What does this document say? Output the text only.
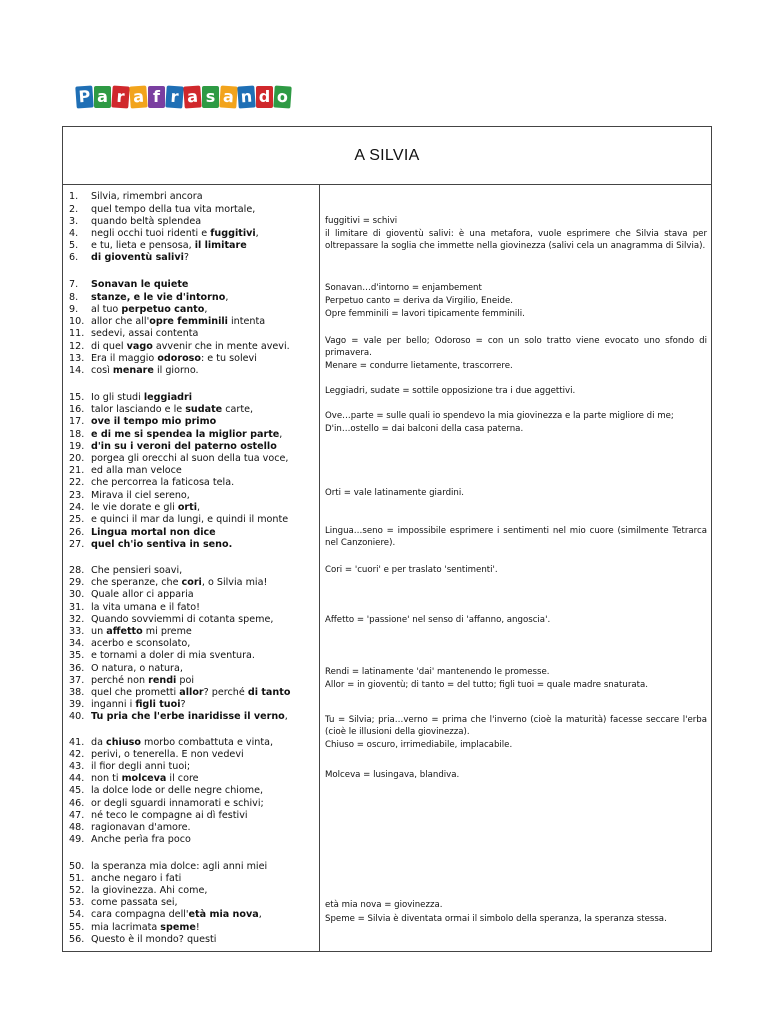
P a r a f r a s a n d o
A SILVIA
1. Silvia, rimembri ancora
2. quel tempo della tua vita mortale,
3. quando beltà splendea
4. negli occhi tuoi ridenti e fuggitivi,
5. e tu, lieta e pensosa, il limitare
6. di gioventù salivi?
7. Sonavan le quiete
8. stanze, e le vie d'intorno,
9. al tuo perpetuo canto,
10. allor che all'opre femminili intenta
11. sedevi, assai contenta
12. di quel vago avvenir che in mente avevi.
13. Era il maggio odoroso: e tu solevi
14. così menare il giorno.
15. Io gli studi leggiadri
16. talor lasciando e le sudate carte,
17. ove il tempo mio primo
18. e di me si spendea la miglior parte,
19. d'in su i veroni del paterno ostello
20. porgea gli orecchi al suon della tua voce,
21. ed alla man veloce
22. che percorrea la faticosa tela.
23. Mirava il ciel sereno,
24. le vie dorate e gli orti,
25. e quinci il mar da lungi, e quindi il monte
26. Lingua mortal non dice
27. quel ch'io sentiva in seno.
28. Che pensieri soavi,
29. che speranze, che cori, o Silvia mia!
30. Quale allor ci apparia
31. la vita umana e il fato!
32. Quando sovviemmi di cotanta speme,
33. un affetto mi preme
34. acerbo e sconsolato,
35. e tornami a doler di mia sventura.
36. O natura, o natura,
37. perché non rendi poi
38. quel che prometti allor? perché di tanto
39. inganni i figli tuoi?
40. Tu pria che l'erbe inaridisse il verno,
41. da chiuso morbo combattuta e vinta,
42. perivi, o tenerella. E non vedevi
43. il fior degli anni tuoi;
44. non ti molceva il core
45. la dolce lode or delle negre chiome,
46. or degli sguardi innamorati e schivi;
47. né teco le compagne ai dì festivi
48. ragionavan d'amore.
49. Anche perìa fra poco
50. la speranza mia dolce: agli anni miei
51. anche negaro i fati
52. la giovinezza. Ahi come,
53. come passata sei,
54. cara compagna dell'età mia nova,
55. mia lacrimata speme!
56. Questo è il mondo? questi
fuggitivi = schivi
il limitare di gioventù salivi: è una metafora, vuole esprimere che Silvia stava per oltrepassare la soglia che immette nella giovinezza (salivi cela un anagramma di Silvia).
Sonavan…d'intorno = enjambement
Perpetuo canto = deriva da Virgilio, Eneide.
Opre femminili = lavori tipicamente femminili.
Vago = vale per bello; Odoroso = con un solo tratto viene evocato uno sfondo di primavera.
Menare = condurre lietamente, trascorrere.
Leggiadri, sudate = sottile opposizione tra i due aggettivi.
Ove…parte = sulle quali io spendevo la mia giovinezza e la parte migliore di me;
D'in…ostello = dai balconi della casa paterna.
Orti = vale latinamente giardini.
Lingua…seno = impossibile esprimere i sentimenti nel mio cuore (similmente Tetrarca nel Canzoniere).
Cori = 'cuori' e per traslato 'sentimenti'.
Affetto = 'passione' nel senso di 'affanno, angoscia'.
Rendi = latinamente 'dai' mantenendo le promesse.
Allor = in gioventù; di tanto = del tutto; figli tuoi = quale madre snaturata.
Tu = Silvia; pria…verno = prima che l'inverno (cioè la maturità) facesse seccare l'erba (cioè le illusioni della giovinezza).
Chiuso = oscuro, irrimediabile, implacabile.
Molceva = lusingava, blandiva.
età mia nova = giovinezza.
Speme = Silvia è diventata ormai il simbolo della speranza, la speranza stessa.
